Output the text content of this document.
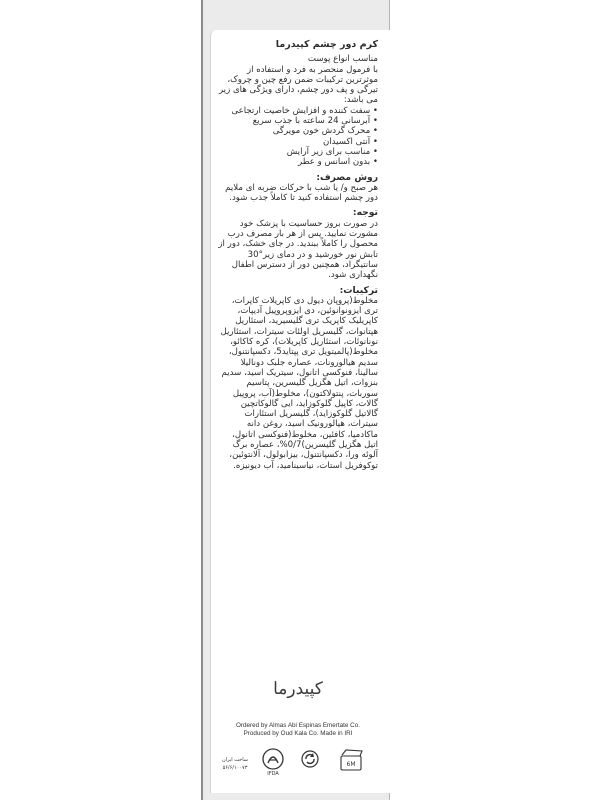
کرم دور چشم کپیدرما

مناسب انواع پوست

با فرمول منحصر به فرد و استفاده از موثرترین ترکیبات ضمن رفع چین و چروک، تیرگی و پف دور چشم، دارای ویژگی های زیر می باشد:

• سفت کننده و افزایش خاصیت ارتجاعی
• آبرسانی 24 ساعته با جذب سریع
• محرک گردش خون مویرگی
• آنتی اکسیدان
• مناسب برای زیر آرایش
• بدون اسانس و عطر

روش مصرف:

هر صبح و/ یا شب با حرکات ضربه ای ملایم دور چشم استفاده کنید تا کاملاً جذب شود.

توجه:

در صورت بروز حساسیت با پزشک خود مشورت نمایید. پس از هر بار مصرف درب محصول را کاملاً ببندید. در جای خشک، دور از تابش نور خورشید و در دمای زیر°30 سانتیگراد، همچنین دور از دسترس اطفال نگهداری شود.

ترکیبات:

مخلوط(پروپان دیول دی کاپریلات کاپرات، تری ایزونوانوئین، دی ایزوپروپیل آدیپات، کاپریلیک کاپریک تری گلیسیرید، استئاریل هپتانوات، گلیسریل اولئات سیترات، استئاریل نونانوئات، استئاریل کاپریلات)، کره کاکائو، مخلوط(پالمیتویل تری پپتاید5، دکسپانتنول، سدیم هیالورونات، عصاره جلبک دونالیلا سالینا، فنوکسی اتانول، سیتریک اسید، سدیم بنزوات، اتیل هگزیل گلیسرین، پتاسیم سوربات، پنتولاکتون)، مخلوط(آب، پروپیل گالات، کاپیل گلوکوزاید، ایی گالوکاتچین گالاتیل گلوکوزاید)، گلیسریل استئارات سیترات، هیالورونیک اسید، روغن دانه ماکادمیا، کافئین، مخلوط(فنوکسی اتانول، اتیل هگزیل گلیسرین)0/7%، عصاره برگ آلوئه ورا، دکسپانتنول، بیزابولول، آلانتوئین، توکوفریل استات، نیاسینامید، آب دیونیزه.

کپیدرما

Ordered by Almas Abi Espinas Emertate Co.

Produced by Oud Kala Co. Made in IRI

ساخت ایران
۵۶/۶/۱۰۰۷۳
IFDA
6M
